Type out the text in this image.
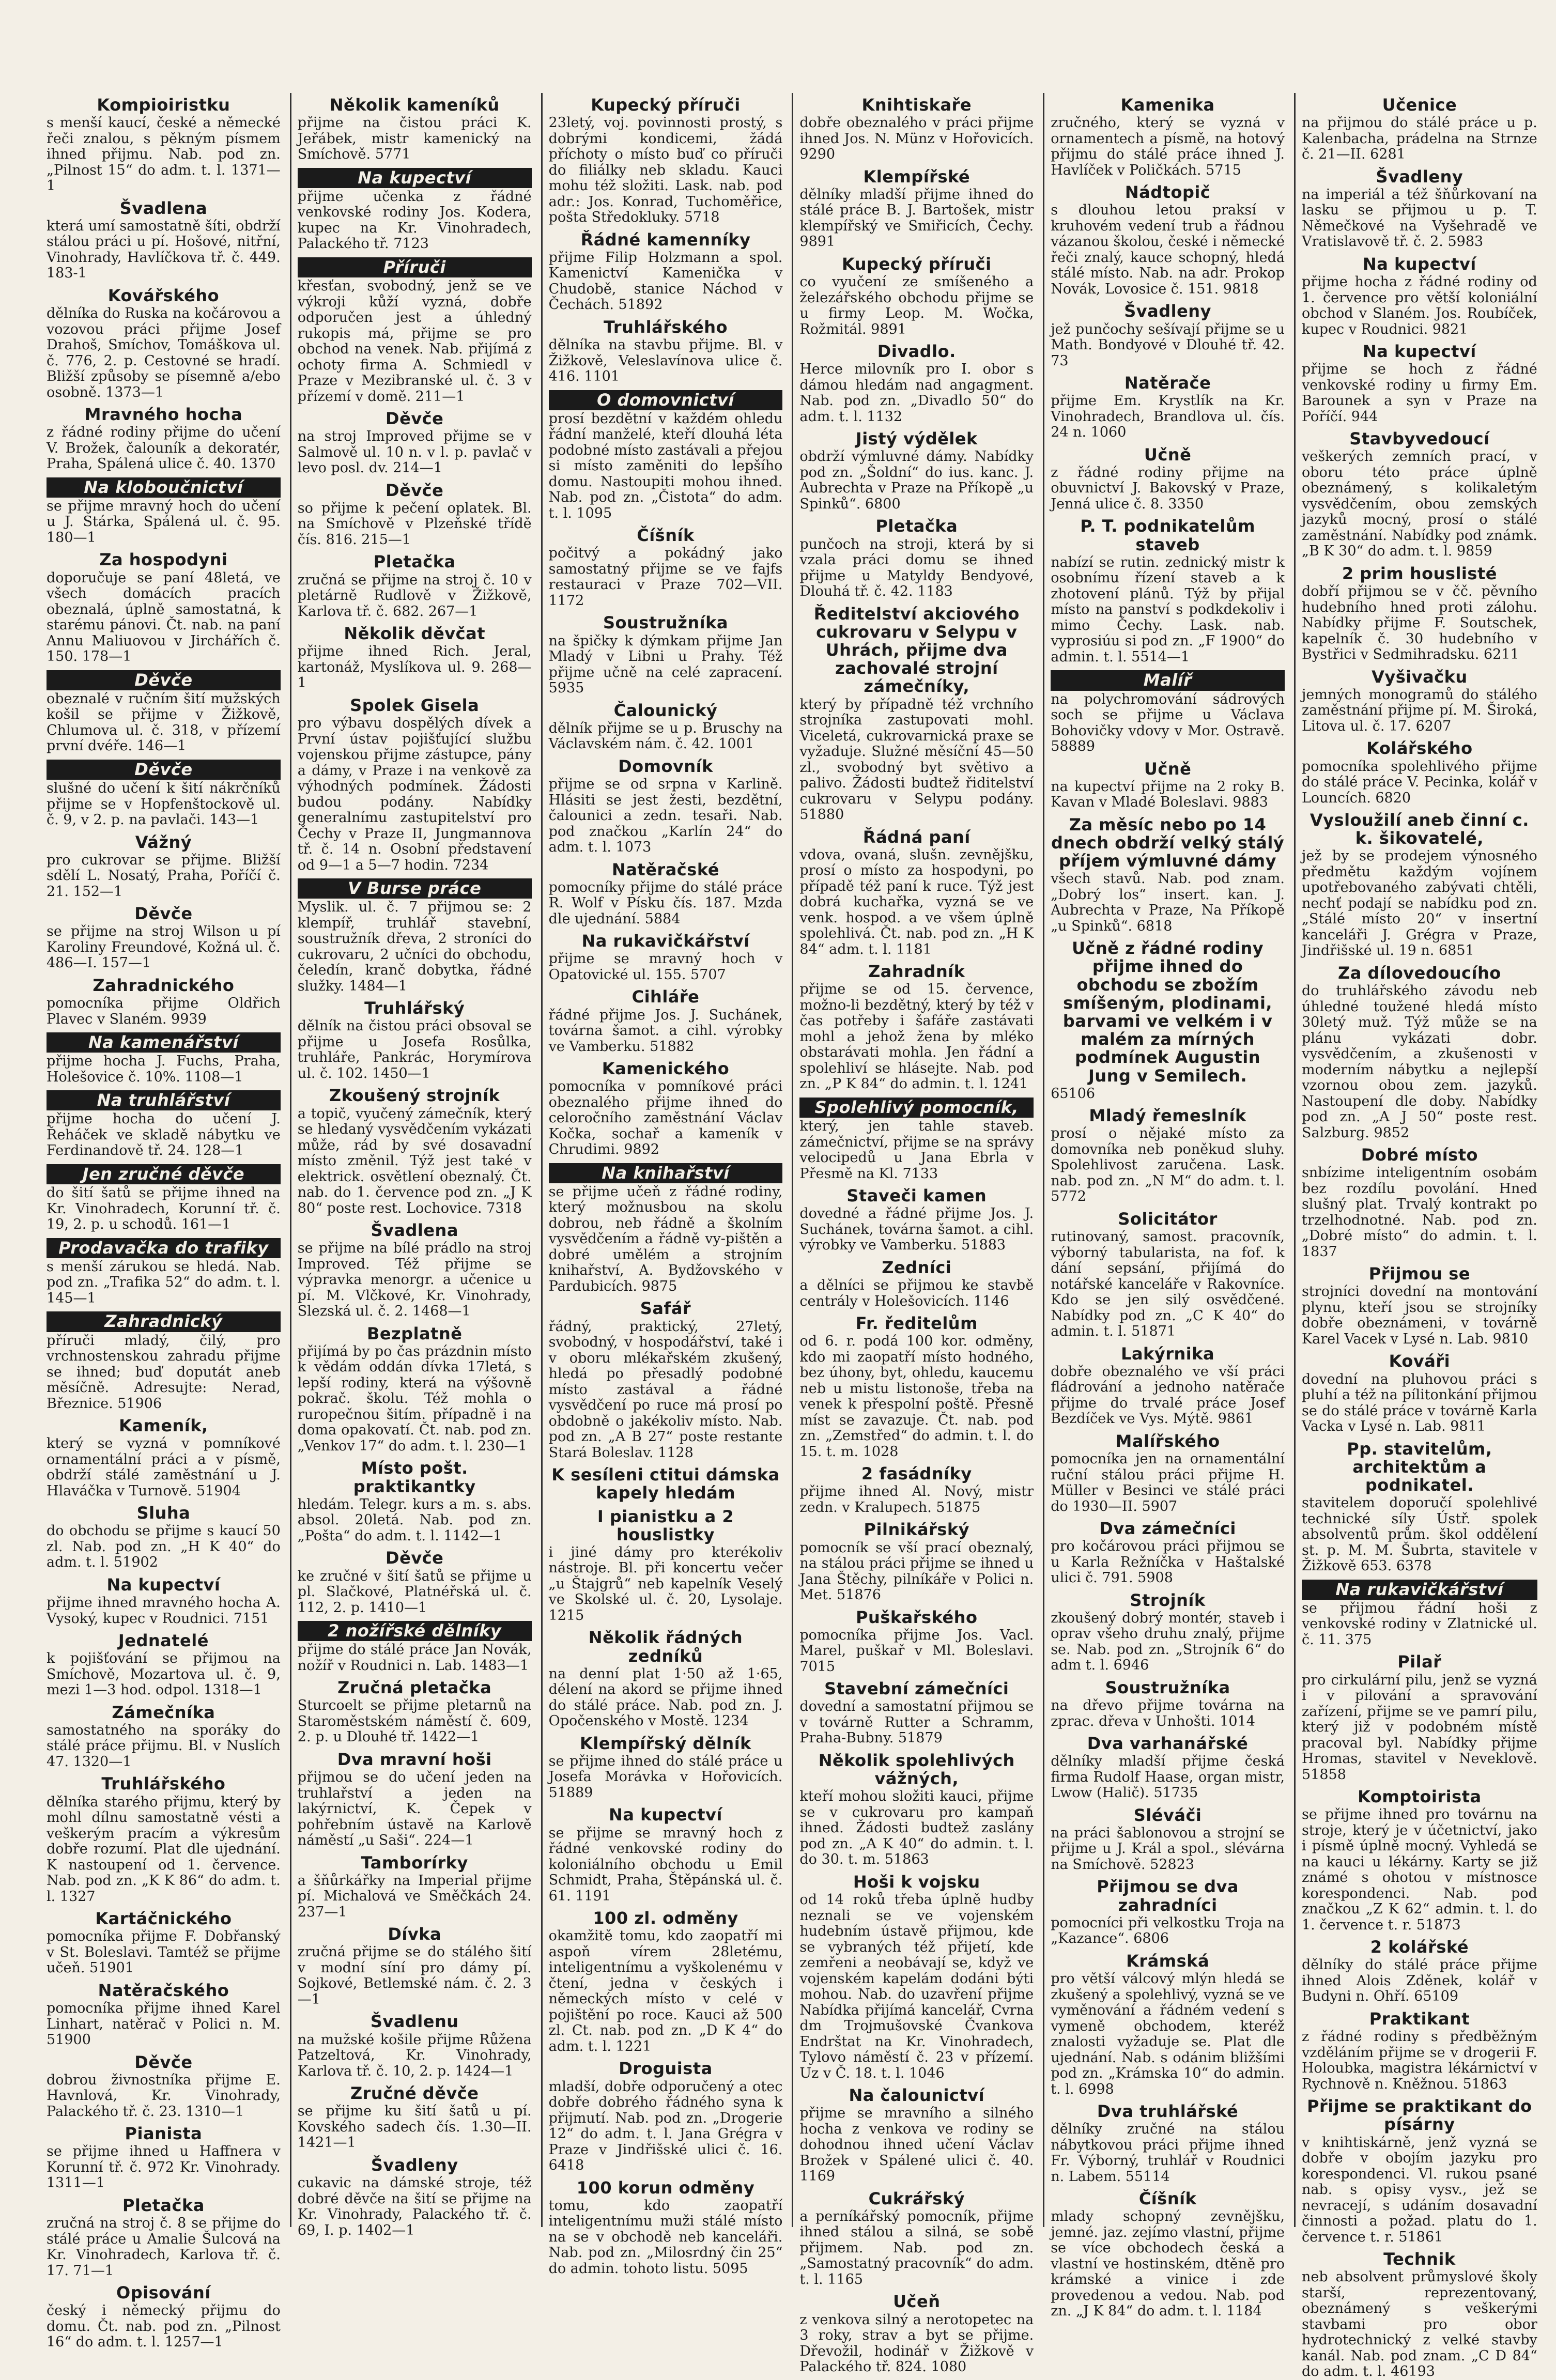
Kompioiristku

s menší kaucí, české a německé řeči znalou, s pěkným písmem ihned přijmu. Nab. pod zn. „Pilnost 15“ do adm. t. l. 1371—1

Švadlena

která umí samostatně šíti, obdrží stálou práci u pí. Hošové, nitřní, Vinohrady, Havlíčkova tř. č. 449. 183-1

Kovářského

dělníka do Ruska na kočárovou a vozovou práci přijme Josef Drahoš, Smíchov, Tomáškova ul. č. 776, 2. p. Cestovné se hradí. Bližší způsoby se písemně a/ebo osobně. 1373—1

Mravného hocha

z řádné rodiny přijme do učení V. Brožek, čalouník a dekoratér, Praha, Spálená ulice č. 40. 1370

Na kloboučnictví

se přijme mravný hoch do učení u J. Stárka, Spálená ul. č. 95. 180—1

Za hospodyni

doporučuje se paní 48letá, ve všech domácích pracích obeznalá, úplně samostatná, k starému pánovi. Čt. nab. na paní Annu Maliuovou v Jirchářích č. 150. 178—1

Děvče

obeznalé v ručním šití mužských košil se přijme v Žižkově, Chlumova ul. č. 318, v přízemí první dvéře. 146—1

Děvče

slušné do učení k šití nákrčníků přijme se v Hopfenštockově ul. č. 9, v 2. p. na pavlači. 143—1

Vážný

pro cukrovar se přijme. Bližší sdělí L. Nosatý, Praha, Poříčí č. 21. 152—1

Děvče

se přijme na stroj Wilson u pí Karoliny Freundové, Kožná ul. č. 486—I. 157—1

Zahradnického

pomocníka přijme Oldřich Plavec v Slaném. 9939

Na kamenářství

přijme hocha J. Fuchs, Praha, Holešovice č. 10%. 1108—1

Na truhlářství

přijme hocha do učení J. Řeháček ve skladě nábytku ve Ferdinandově tř. 24. 128—1

Jen zručné děvče

do šití šatů se přijme ihned na Kr. Vinohradech, Korunní tř. č. 19, 2. p. u schodů. 161—1

Prodavačka do trafiky

s menší zárukou se hledá. Nab. pod zn. „Trafika 52“ do adm. t. l. 145—1

Zahradnický

příruči mladý, čilý, pro vrchnostenskou zahradu přijme se ihned; buď doputát aneb měsíčně. Adresujte: Nerad, Březnice. 51906

Kameník,

který se vyzná v pomníkové ornamentální práci a v písmě, obdrží stálé zaměstnání u J. Hlaváčka v Turnově. 51904

Sluha

do obchodu se přijme s kaucí 50 zl. Nab. pod zn. „H K 40“ do adm. t. l. 51902

Na kupectví

přijme ihned mravného hocha A. Vysoký, kupec v Roudnici. 7151

Jednatelé

k pojišťování se přijmou na Smíchově, Mozartova ul. č. 9, mezi 1—3 hod. odpol. 1318—1

Zámečníka

samostatného na sporáky do stálé práce přijmu. Bl. v Nuslích 47. 1320—1

Truhlářského

dělníka starého přijmu, který by mohl dílnu samostatně vésti a veškerým pracím a výkresům dobře rozumí. Plat dle ujednání. K nastoupení od 1. července. Nab. pod zn. „K K 86“ do adm. t. l. 1327

Kartáčnického

pomocníka přijme F. Dobřanský v St. Boleslavi. Tamtéž se přijme učeň. 51901

Natěračského

pomocníka přijme ihned Karel Linhart, natěrač v Polici n. M. 51900

Děvče

dobrou živnostníka přijme E. Havnlová, Kr. Vinohrady, Palackého tř. č. 23. 1310—1

Pianista

se přijme ihned u Haffnera v Korunní tř. č. 972 Kr. Vinohrady. 1311—1

Pletačka

zručná na stroj č. 8 se přijme do stálé práce u Amalie Šulcová na Kr. Vinohradech, Karlova tř. č. 17. 71—1

Opisování

český i německý přijmu do domu. Čt. nab. pod zn. „Pilnost 16“ do adm. t. l. 1257—1

Několik kameníků

přijme na čistou práci K. Jeřábek, mistr kamenický na Smíchově. 5771

Na kupectví

přijme učenka z řádné venkovské rodiny Jos. Kodera, kupec na Kr. Vinohradech, Palackého tř. 7123

Příruči

křesťan, svobodný, jenž se ve výkroji kůží vyzná, dobře odporučen jest a úhledný rukopis má, přijme se pro obchod na venek. Nab. přijímá z ochoty firma A. Schmiedl v Praze v Mezibranské ul. č. 3 v přízemí v domě. 211—1

Děvče

na stroj Improved přijme se v Salmově ul. 10 n. v l. p. pavlač v levo posl. dv. 214—1

Děvče

so přijme k pečení oplatek. Bl. na Smíchově v Plzeňské třídě čís. 816. 215—1

Pletačka

zručná se přijme na stroj č. 10 v pletárně Rudlově v Žižkově, Karlova tř. č. 682. 267—1

Několik děvčat

přijme ihned Rich. Jeral, kartonáž, Myslíkova ul. 9. 268—1

Spolek Gisela

pro výbavu dospělých dívek a První ústav pojišťující službu vojenskou přijme zástupce, pány a dámy, v Praze i na venkově za výhodných podmínek. Žádosti budou podány. Nabídky generalnímu zastupitelství pro Čechy v Praze II, Jungmannova tř. č. 14 n. Osobní představení od 9—1 a 5—7 hodin. 7234

V Burse práce

Myslik. ul. č. 7 přijmou se: 2 klempíř, truhlář stavební, soustružník dřeva, 2 stroníci do cukrovaru, 2 učníci do obchodu, čeledín, kranč dobytka, řádné služky. 1484—1

Truhlářský

dělník na čistou práci obsoval se přijme u Josefa Rosůlka, truhláře, Pankrác, Horymírova ul. č. 102. 1450—1

Zkoušený strojník

a topič, vyučený zámečník, který se hledaný vysvědčením vykázati může, rád by své dosavadní místo změnil. Týž jest také v elektrick. osvětlení obeznalý. Čt. nab. do 1. července pod zn. „J K 80“ poste rest. Lochovice. 7318

Švadlena

se přijme na bílé prádlo na stroj Improved. Též přijme se výpravka menorgr. a učenice u pí. M. Vlčkové, Kr. Vinohrady, Slezská ul. č. 2. 1468—1

Bezplatně

přijímá by po čas prázdnin místo k vědám oddán dívka 17letá, s lepší rodiny, která na výšovně pokrač. školu. Též mohla o ruropečnou šitím. případně i na doma opakovatí. Čt. nab. pod zn. „Venkov 17“ do adm. t. l. 230—1

Místo pošt. praktikantky

hledám. Telegr. kurs a m. s. abs. absol. 20letá. Nab. pod zn. „Pošta“ do adm. t. l. 1142—1

Děvče

ke zručné v šití šatů se přijme u pl. Slačkové, Platnéřská ul. č. 112, 2. p. 1410—1

2 nožířské dělníky

přijme do stálé práce Jan Novák, nožíř v Roudnici n. Lab. 1483—1

Zručná pletačka

Sturcoelt se přijme pletarnů na Staroměstském náměstí č. 609, 2. p. u Dlouhé tř. 1422—1

Dva mravní hoši

přijmou se do učení jeden na truhlařství a jeden na lakýrnictví, K. Čepek v pohřebním ústavě na Karlově náměstí „u Saši“. 224—1

Tamborírky

a šňůrkářky na Imperial přijme pí. Michalová ve Směčkách 24. 237—1

Dívka

zručná přijme se do stálého šití v modní síní pro dámy pí. Sojkové, Betlemské nám. č. 2. 3—1

Švadlenu

na mužské košile přijme Růžena Patzeltová, Kr. Vinohrady, Karlova tř. č. 10, 2. p. 1424—1

Zručné děvče

se přijme ku šití šatů u pí. Kovského sadech čís. 1.30—II. 1421—1

Švadleny

cukavic na dámské stroje, též dobré děvče na šití se přijme na Kr. Vinohrady, Palackého tř. č. 69, I. p. 1402—1

Kupecký příruči

23letý, voj. povinnosti prostý, s dobrými kondicemi, žádá příchoty o místo buď co příruči do filiálky neb skladu. Kauci mohu též složiti. Lask. nab. pod adr.: Jos. Konrad, Tuchoměřice, pošta Středokluky. 5718

Řádné kamenníky

přijme Filip Holzmann a spol. Kamenictví Kamenička v Chudobě, stanice Náchod v Čechách. 51892

Truhlářského

dělníka na stavbu přijme. Bl. v Žižkově, Veleslavínova ulice č. 416. 1101

O domovnictví

prosí bezdětní v každém ohledu řádní manželé, kteří dlouhá léta podobné místo zastávali a přejou si místo zaměniti do lepšího domu. Nastoupiti mohou ihned. Nab. pod zn. „Čistota“ do adm. t. l. 1095

Číšník

počitvý a pokádný jako samostatný přijme se ve fajfs restauraci v Praze 702—VII. 1172

Soustružníka

na špičky k dýmkam přijme Jan Mladý v Libni u Prahy. Též přijme učně na celé zapracení. 5935

Čalounický

dělník přijme se u p. Bruschy na Václavském nám. č. 42. 1001

Domovník

přijme se od srpna v Karlině. Hlásiti se jest žesti, bezdětní, čalounici a zedn. tesaři. Nab. pod značkou „Karlín 24“ do adm. t. l. 1073

Natěračské

pomocníky přijme do stálé práce R. Wolf v Písku čís. 187. Mzda dle ujednání. 5884

Na rukavičkářství

přijme se mravný hoch v Opatovické ul. 155. 5707

Cihláře

řádné přijme Jos. J. Suchánek, továrna šamot. a cihl. výrobky ve Vamberku. 51882

Kamenického

pomocníka v pomníkové práci obeznalého přijme ihned do celoročního zaměstnání Václav Kočka, sochař a kameník v Chrudimi. 9892

Na knihařství

se přijme učeň z řádné rodiny, který možnusbou na skolu dobrou, neb řádně a školním vysvědčením a řádně vy-pištěn a dobré umělém a strojním knihařství, A. Bydžovského v Pardubicích. 9875

Safář

řádný, praktický, 27letý, svobodný, v hospodářství, také i v oboru mlékařském zkušený, hledá po přesadlý podobné místo zastával a řádné vysvědčení po ruce má prosí po obdobně o jakékoliv místo. Nab. pod zn. „A B 27“ poste restante Stará Boleslav. 1128

K sesíleni ctitui dámska kapely hledám

I pianistku a 2 houslistky

i jiné dámy pro kterékoliv nástroje. Bl. při koncertu večer „u Štajgrů“ neb kapelník Veselý ve Skolské ul. č. 20, Lysolaje. 1215

Několik řádných zedníků

na denní plat 1·50 až 1·65, délení na akord se přijme ihned do stálé práce. Nab. pod zn. J. Opočenského v Mostě. 1234

Klempířský dělník

se přijme ihned do stálé práce u Josefa Morávka v Hořovicích. 51889

Na kupectví

se přijme se mravný hoch z řádné venkovské rodiny do koloniálního obchodu u Emil Schmidt, Praha, Štěpánská ul. č. 61. 1191

100 zl. odměny

okamžitě tomu, kdo zaopatří mi aspoň vírem 28letému, inteligentnímu a vyškolenému v čtení, jedna v českých i německých místo v celé v pojištění po roce. Kauci až 500 zl. Ct. nab. pod zn. „D K 4“ do adm. t. l. 1221

Droguista

mladší, dobře odporučený a otec dobře dobrého řádného syna k přijmutí. Nab. pod zn. „Drogerie 12“ do adm. t. l. Jana Grégra v Praze v Jindřišské ulici č. 16. 6418

100 korun odměny

tomu, kdo zaopatří inteligentnímu muži stálé místo na se v obchodě neb kanceláři. Nab. pod zn. „Milosrdný čin 25“ do admin. tohoto listu. 5095

Knihtiskaře

dobře obeznalého v práci přijme ihned Jos. N. Münz v Hořovicích. 9290

Klempířské

dělníky mladší přijme ihned do stálé práce B. J. Bartošek, mistr klempířský ve Smiřicích, Čechy. 9891

Kupecký příruči

co vyučení ze smíšeného a železářského obchodu přijme se u firmy Leop. M. Wočka, Rožmitál. 9891

Divadlo.

Herce milovník pro I. obor s dámou hledám nad angagment. Nab. pod zn. „Divadlo 50“ do adm. t. l. 1132

Jistý výdělek

obdrží výmluvné dámy. Nabídky pod zn. „Šoldní“ do ius. kanc. J. Aubrechta v Praze na Příkopě „u Spinků“. 6800

Pletačka

punčoch na stroji, která by si vzala práci domu se ihned přijme u Matyldy Bendyové, Dlouhá tř. č. 42. 1183

Ředitelství akciového cukrovaru v Selypu v Uhrách, přijme dva zachovalé strojní zámečníky,

který by případně též vrchního strojníka zastupovati mohl. Viceletá, cukrovarnická praxe se vyžaduje. Služné měsíční 45—50 zl., svobodný byt světivo a palivo. Žádosti budtež řiditelství cukrovaru v Selypu podány. 51880

Řádná paní

vdova, ovaná, slušn. zevnějšku, prosí o místo za hospodyni, po případě též paní k ruce. Týž jest dobrá kuchařka, vyzná se ve venk. hospod. a ve všem úplně spolehlivá. Čt. nab. pod zn. „H K 84“ adm. t. l. 1181

Zahradník

přijme se od 15. července, možno-li bezdětný, který by též v čas potřeby i šafáře zastávati mohl a jehož žena by mléko obstarávati mohla. Jen řádní a spolehliví se hlásejte. Nab. pod zn. „P K 84“ do admin. t. l. 1241

Spolehlivý pomocník,

který, jen tahle staveb. zámečnictví, přijme se na správy velocipedů u Jana Ebrla v Přesmě na Kl. 7133

Staveči kamen

dovedné a řádné přijme Jos. J. Suchánek, továrna šamot. a cihl. výrobky ve Vamberku. 51883

Zedníci

a dělníci se přijmou ke stavbě centrály v Holešovicích. 1146

Fr. ředitelům

od 6. r. podá 100 kor. odměny, kdo mi zaopatří místo hodného, bez úhony, byt, ohledu, kaucemu neb u mistu listonoše, třeba na venek k přespolní poště. Přesně míst se zavazuje. Čt. nab. pod zn. „Zemstřed“ do admin. t. l. do 15. t. m. 1028

2 fasádníky

přijme ihned Al. Nový, mistr zedn. v Kralupech. 51875

Pilnikářský

pomocník se vší prací obeznalý, na stálou práci přijme se ihned u Jana Štěchy, pilníkáře v Polici n. Met. 51876

Puškařského

pomocníka přijme Jos. Vacl. Marel, puškař v Ml. Boleslavi. 7015

Stavební zámečníci

dovední a samostatní přijmou se v továrně Rutter a Schramm, Praha-Bubny. 51879

Několik spolehlivých vážných,

kteří mohou složiti kauci, přijme se v cukrovaru pro kampaň ihned. Žádosti budtež zaslány pod zn. „A K 40“ do admin. t. l. do 30. t. m. 51863

Hoši k vojsku

od 14 roků třeba úplně hudby neznali se ve vojenském hudebním ústavě přijmou, kde se vybraných též přijetí, kde zemřeni a neobávají se, když ve vojenském kapelám dodáni býti mohou. Nab. do uzavření přijme Nabídka přijímá kancelář, Cvrna dm Trojmušovské Čvankova Endrštat na Kr. Vinohradech, Tylovo náměstí č. 23 v přízemí. Uz v Č. 18. t. l. 1046

Na čalounictví

přijme se mravního a silného hocha z venkova ve rodiny se dohodnou ihned učení Václav Brožek v Spálené ulici č. 40. 1169

Cukrářský

a perníkářský pomocník, přijme ihned stálou a silná, se sobě přijmem. Nab. pod zn. „Samostatný pracovník“ do adm. t. l. 1165

Učeň

z venkova silný a nerotopetec na 3 roky, strav a byt se přijme. Dřevožil, hodinář v Žižkově v Palackého tř. 824. 1080

Kamenika

zručného, který se vyzná v ornamentech a písmě, na hotový přijmu do stálé práce ihned J. Havlíček v Poličkách. 5715

Nádtopič

s dlouhou letou praksí v kruhovém vedení trub a řádnou vázanou školou, české i německé řeči znalý, kauce schopný, hledá stálé místo. Nab. na adr. Prokop Novák, Lovosice č. 151. 9818

Švadleny

jež punčochy sešívají přijme se u Math. Bondyové v Dlouhé tř. 42. 73

Natěrače

přijme Em. Krystlík na Kr. Vinohradech, Brandlova ul. čís. 24 n. 1060

Učně

z řádné rodiny přijme na obuvnictví J. Bakovský v Praze, Jenná ulice č. 8. 3350

P. T. podnikatelům staveb

nabízí se rutin. zednický mistr k osobnímu řízení staveb a k zhotovení plánů. Týž by přijal místo na panství s podkdekoliv i mimo Čechy. Lask. nab. vyprosiúu si pod zn. „F 1900“ do admin. t. l. 5514—1

Malíř

na polychromování sádrových soch se přijme u Václava Bohovičky vdovy v Mor. Ostravě. 58889

Učně

na kupectví přijme na 2 roky B. Kavan v Mladé Boleslavi. 9883

Za měsíc nebo po 14 dnech obdrží velký stálý příjem výmluvné dámy

všech stavů. Nab. pod znam. „Dobrý los“ insert. kan. J. Aubrechta v Praze, Na Příkopě „u Spinků“. 6818

Učně z řádné rodiny přijme ihned do obchodu se zbožím smíšeným, plodinami, barvami ve velkém i v malém za mírných podmínek Augustin Jung v Semilech.

65106

Mladý řemeslník

prosí o nějaké místo za domovníka neb poněkud sluhy. Spolehlivost zaručena. Lask. nab. pod zn. „N M“ do adm. t. l. 5772

Solicitátor

rutinovaný, samost. pracovník, výborný tabularista, na fof. k dání sepsání, přijímá do notářské kanceláře v Rakovníce. Kdo se jen silý osvědčené. Nabídky pod zn. „C K 40“ do admin. t. l. 51871

Lakýrnika

dobře obeznalého ve vší práci fládrování a jednoho natěrače přijme do trvalé práce Josef Bezdíček ve Vys. Mýtě. 9861

Malířského

pomocníka jen na ornamentální ruční stálou práci přijme H. Müller v Besinci ve stálé práci do 1930—II. 5907

Dva zámečníci

pro kočárovou práci přijmou se u Karla Režníčka v Haštalské ulici č. 791. 5908

Strojník

zkoušený dobrý montér, staveb i oprav všeho druhu znalý, přijme se. Nab. pod zn. „Strojník 6“ do adm t. l. 6946

Soustružníka

na dřevo přijme továrna na zprac. dřeva v Unhošti. 1014

Dva varhanářské

dělníky mladší přijme česká firma Rudolf Haase, organ mistr, Lwow (Halič). 51735

Sléváči

na práci šablonovou a strojní se přijme u J. Král a spol., slévárna na Smíchově. 52823

Přijmou se dva zahradníci

pomocníci při velkostku Troja na „Kazance“. 6806

Krámská

pro větší válcový mlýn hledá se zkušený a spolehlivý, vyzná se ve vyměnování a řádném vedení s vymeně obchodem, kteréž znalosti vyžaduje se. Plat dle ujednání. Nab. s odánim bližšími pod zn. „Krámska 10“ do admin. t. l. 6998

Dva truhlářské

dělníky zručné na stálou nábytkovou práci přijme ihned Fr. Výborný, truhlář v Roudnici n. Labem. 55114

Číšník

mlady schopný zevnějšku, jemné. jaz. zejímo vlastní, přijme se více obchodech česká a vlastní ve hostinském, dtěně pro krámské a vinice i zde provedenou a vedou. Nab. pod zn. „J K 84“ do adm. t. l. 1184

Učenice

na přijmou do stálé práce u p. Kalenbacha, prádelna na Strnze č. 21—II. 6281

Švadleny

na imperiál a též šňůrkovaní na lasku se přijmou u p. T. Němečkové na Vyšehradě ve Vratislavově tř. č. 2. 5983

Na kupectví

přijme hocha z řádné rodiny od 1. července pro větší koloniální obchod v Slaném. Jos. Roubíček, kupec v Roudnici. 9821

Na kupectví

přijme se hoch z řádné venkovské rodiny u firmy Em. Barounek a syn v Praze na Poříčí. 944

Stavbyvedoucí

veškerých zemních prací, v oboru této práce úplně obeznámený, s kolikaletým vysvědčením, obou zemských jazyků mocný, prosí o stálé zaměstnání. Nabídky pod známk. „B K 30“ do adm. t. l. 9859

2 prim houslisté

dobří přijmou se v čč. pěvního hudebního hned proti zálohu. Nabídky přijme F. Soutschek, kapelník č. 30 hudebního v Bystřici v Sedmihradsku. 6211

Vyšivačku

jemných monogramů do stálého zaměstnání přijme pí. M. Široká, Litova ul. č. 17. 6207

Kolářského

pomocníka spolehlivého přijme do stálé práce V. Pecinka, kolář v Louncích. 6820

Vysloužilí aneb činní c. k. šikovatelé,

jež by se prodejem výnosného předmětu každým vojínem upotřebovaného zabývati chtěli, nechť podají se nabídku pod zn. „Stálé místo 20“ v insertní kanceláři J. Grégra v Praze, Jindřišské ul. 19 n. 6851

Za dílovedoucího

do truhlářského závodu neb úhledné toužené hledá místo 30letý muž. Týž může se na plánu vykázati dobr. vysvědčením, a zkušenosti v moderním nábytku a nejlepší vzornou obou zem. jazyků. Nastoupení dle doby. Nabídky pod zn. „A J 50“ poste rest. Salzburg. 9852

Dobré místo

snbízime inteligentním osobám bez rozdílu povolání. Hned slušný plat. Trvalý kontrakt po trzelhodnotné. Nab. pod zn. „Dobré místo“ do admin. t. l. 1837

Přijmou se

strojníci dovední na montování plynu, kteří jsou se strojníky dobře obeznámeni, v továrně Karel Vacek v Lysé n. Lab. 9810

Kováři

dovední na pluhovou práci s pluhí a též na pílitonkání přijmou se do stálé práce v továrně Karla Vacka v Lysé n. Lab. 9811

Pp. stavitelům, architektům a podnikatel.

stavitelem doporučí spolehlivé technické síly Ústř. spolek absolventů prům. škol oddělení st. p. M. M. Šubrta, stavitele v Žižkově 653. 6378

Na rukavičkářství

se přijmou řádní hoši z venkovské rodiny v Zlatnické ul. č. 11. 375

Pilař

pro cirkulární pilu, jenž se vyzná i v pilování a spravování zařízení, přijme se ve pamrí pilu, který již v podobném místě pracoval byl. Nabídky přijme Hromas, stavitel v Neveklově. 51858

Komptoirista

se přijme ihned pro továrnu na stroje, který je v účetnictví, jako i písmě úplně mocný. Vyhledá se na kauci u lékárny. Karty se již známé s ohotou v místnosce korespondenci. Nab. pod značkou „Z K 62“ admin. t. l. do 1. července t. r. 51873

2 kolářské

dělníky do stálé práce přijme ihned Alois Zděnek, kolář v Budyni n. Ohří. 65109

Praktikant

z řádné rodiny s předběžným vzděláním přijme se v drogerii F. Holoubka, magistra lékárnictví v Rychnově n. Kněžnou. 51863

Přijme se praktikant do písárny

v knihtiskárně, jenž vyzná se dobře v obojím jazyku pro korespondenci. Vl. rukou psané nab. s opisy vysv., jež se nevracejí, s udáním dosavadní činnosti a požad. platu do 1. července t. r. 51861

Technik

neb absolvent průmyslové školy starší, reprezentovaný, obeznámený s veškerými stavbami pro obor hydrotechnický z velké stavby kanál. Nab. pod znam. „C D 84“ do adm. t. l. 46193
